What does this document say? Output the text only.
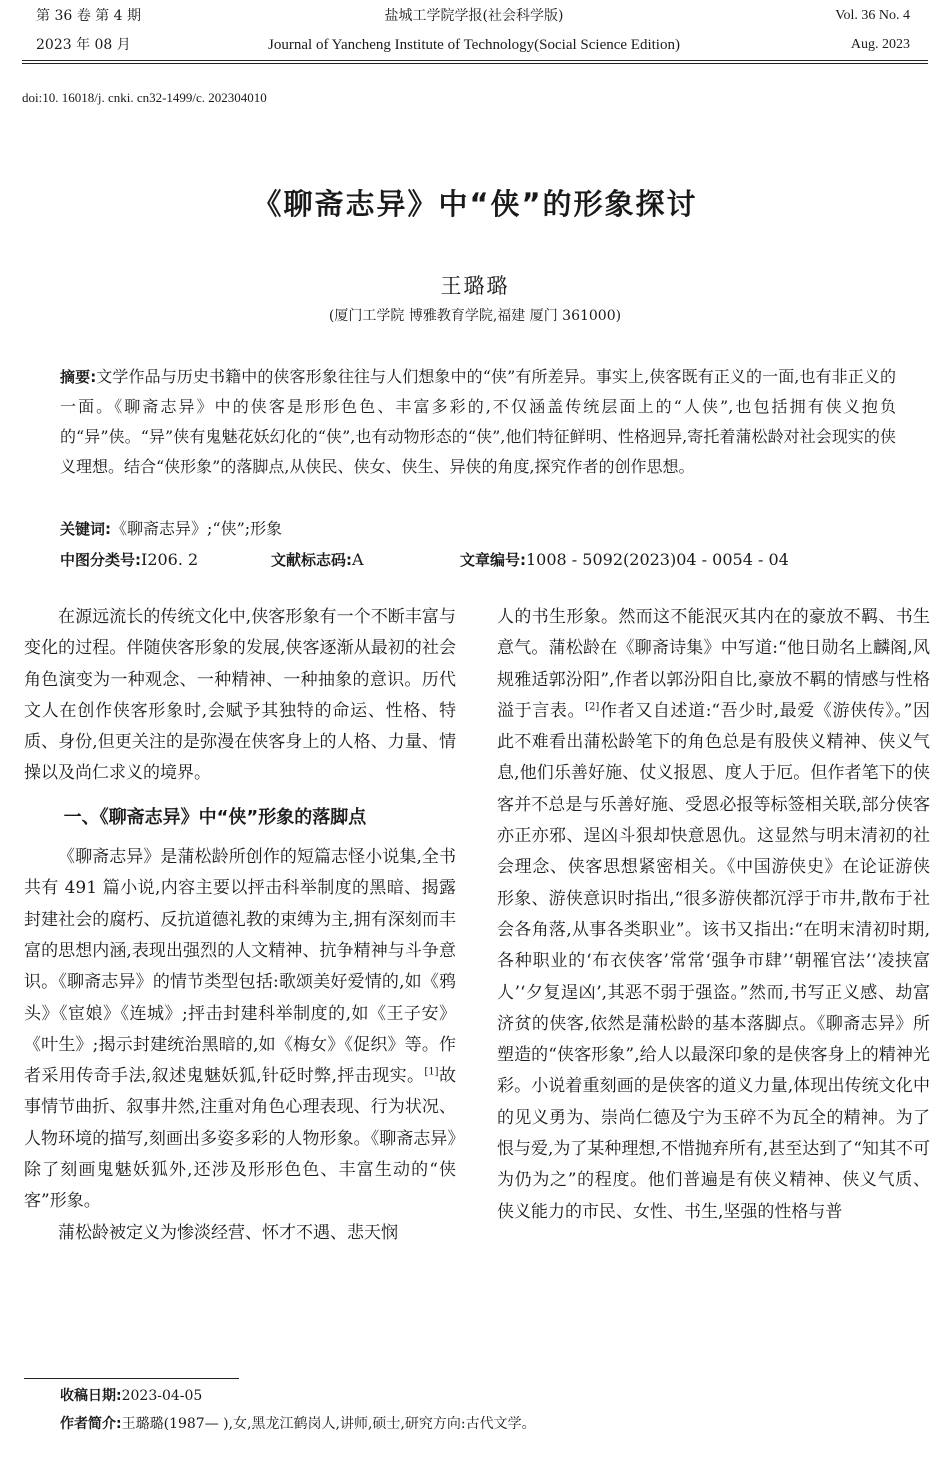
第 36 卷 第 4 期	盐城工学院学报(社会科学版)	Vol. 36 No. 4
2023 年 08 月	Journal of Yancheng Institute of Technology(Social Science Edition)	Aug. 2023
doi:10. 16018/j. cnki. cn32-1499/c. 202304010
《聊斋志异》中“侠”的形象探讨
王璐璐
(厦门工学院 博雅教育学院,福建 厦门 361000)
摘要:文学作品与历史书籍中的侠客形象往往与人们想象中的“侠”有所差异。事实上,侠客既有正义的一面,也有非正义的一面。《聊斋志异》中的侠客是形形色色、丰富多彩的,不仅涵盖传统层面上的“人侠”,也包括拥有侠义抱负的“异”侠。“异”侠有鬼魅花妖幻化的“侠”,也有动物形态的“侠”,他们特征鲜明、性格迥异,寄托着蒲松龄对社会现实的侠义理想。结合“侠形象”的落脚点,从侠民、侠女、侠生、异侠的角度,探究作者的创作思想。
关键词:《聊斋志异》;“侠”;形象
中图分类号:I206. 2	文献标志码:A	文章编号:1008 - 5092(2023)04 - 0054 - 04

在源远流长的传统文化中,侠客形象有一个不断丰富与变化的过程。伴随侠客形象的发展,侠客逐渐从最初的社会角色演变为一种观念、一种精神、一种抽象的意识。历代文人在创作侠客形象时,会赋予其独特的命运、性格、特质、身份,但更关注的是弥漫在侠客身上的人格、力量、情操以及尚仁求义的境界。

一、《聊斋志异》中“侠”形象的落脚点

《聊斋志异》是蒲松龄所创作的短篇志怪小说集,全书共有 491 篇小说,内容主要以抨击科举制度的黑暗、揭露封建社会的腐朽、反抗道德礼教的束缚为主,拥有深刻而丰富的思想内涵,表现出强烈的人文精神、抗争精神与斗争意识。《聊斋志异》的情节类型包括:歌颂美好爱情的,如《鸦头》《宦娘》《连城》;抨击封建科举制度的,如《王子安》《叶生》;揭示封建统治黑暗的,如《梅女》《促织》等。作者采用传奇手法,叙述鬼魅妖狐,针砭时弊,抨击现实。[1]故事情节曲折、叙事井然,注重对角色心理表现、行为状况、人物环境的描写,刻画出多姿多彩的人物形象。《聊斋志异》除了刻画鬼魅妖狐外,还涉及形形色色、丰富生动的“侠客”形象。

蒲松龄被定义为惨淡经营、怀才不遇、悲天悯

人的书生形象。然而这不能泯灭其内在的豪放不羁、书生意气。蒲松龄在《聊斋诗集》中写道:“他日勋名上麟阁,风规雅适郭汾阳”,作者以郭汾阳自比,豪放不羁的情感与性格溢于言表。[2]作者又自述道:“吾少时,最爱《游侠传》。”因此不难看出蒲松龄笔下的角色总是有股侠义精神、侠义气息,他们乐善好施、仗义报恩、度人于厄。但作者笔下的侠客并不总是与乐善好施、受恩必报等标签相关联,部分侠客亦正亦邪、逞凶斗狠却快意恩仇。这显然与明末清初的社会理念、侠客思想紧密相关。《中国游侠史》在论证游侠形象、游侠意识时指出,“很多游侠都沉浮于市井,散布于社会各角落,从事各类职业”。该书又指出:“在明末清初时期,各种职业的‘布衣侠客’常常‘强争市肆’‘朝罹官法’‘凌挟富人’‘夕复逞凶’,其恶不弱于强盗。”然而,书写正义感、劫富济贫的侠客,依然是蒲松龄的基本落脚点。《聊斋志异》所塑造的“侠客形象”,给人以最深印象的是侠客身上的精神光彩。小说着重刻画的是侠客的道义力量,体现出传统文化中的见义勇为、崇尚仁德及宁为玉碎不为瓦全的精神。为了恨与爱,为了某种理想,不惜抛弃所有,甚至达到了“知其不可为仍为之”的程度。他们普遍是有侠义精神、侠义气质、侠义能力的市民、女性、书生,坚强的性格与普

收稿日期:2023-04-05
作者简介:王璐璐(1987— ),女,黑龙江鹤岗人,讲师,硕士,研究方向:古代文学。
